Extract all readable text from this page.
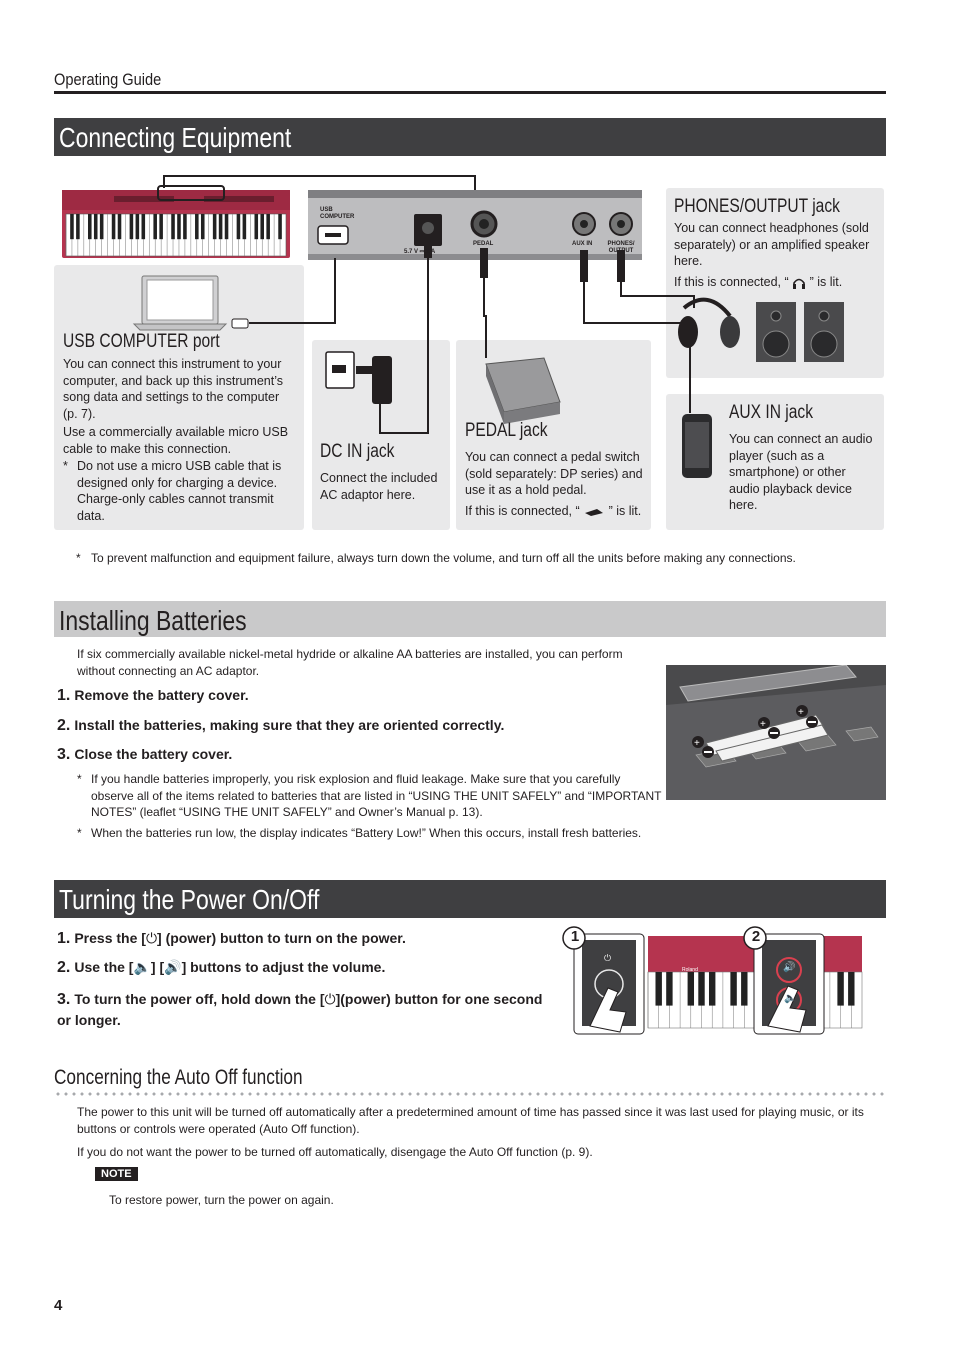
Operating Guide
Connecting Equipment
USB COMPUTER
5.7 V ⎓ 2 A
PEDAL	AUX IN	PHONES/ OUTPUT
USB COMPUTER port
You can connect this instrument to your computer, and back up this instrument’s song data and settings to the computer (p. 7).
Use a commercially available micro USB cable to make this connection.
* Do not use a micro USB cable that is designed only for charging a device. Charge-only cables cannot transmit data.
DC IN jack
Connect the included AC adaptor here.
PEDAL jack
You can connect a pedal switch (sold separately: DP series) and use it as a hold pedal.
If this is connected, “ ” is lit.
PHONES/OUTPUT jack
You can connect headphones (sold separately) or an amplified speaker here.
If this is connected, “ ” is lit.
AUX IN jack
You can connect an audio player (such as a smartphone) or other audio playback device here.
* To prevent malfunction and equipment failure, always turn down the volume, and turn off all the units before making any connections.
Installing Batteries
If six commercially available nickel-metal hydride or alkaline AA batteries are installed, you can perform without connecting an AC adaptor.
1. Remove the battery cover.
2. Install the batteries, making sure that they are oriented correctly.
3. Close the battery cover.
* If you handle batteries improperly, you risk explosion and fluid leakage. Make sure that you carefully observe all of the items related to batteries that are listed in “USING THE UNIT SAFELY” and “IMPORTANT NOTES” (leaflet “USING THE UNIT SAFELY” and Owner’s Manual p. 13).
* When the batteries run low, the display indicates “Battery Low!” When this occurs, install fresh batteries.
+
+
+
Turning the Power On/Off
1. Press the [⏻] (power) button to turn on the power.
2. Use the [🔈] [🔊] buttons to adjust the volume.
3. To turn the power off, hold down the [⏻](power) button for one second or longer.
1	2
Roland
⏻
🔊
🔈
Concerning the Auto Off function
The power to this unit will be turned off automatically after a predetermined amount of time has passed since it was last used for playing music, or its buttons or controls were operated (Auto Off function).
If you do not want the power to be turned off automatically, disengage the Auto Off function (p. 9).
NOTE
To restore power, turn the power on again.
4
